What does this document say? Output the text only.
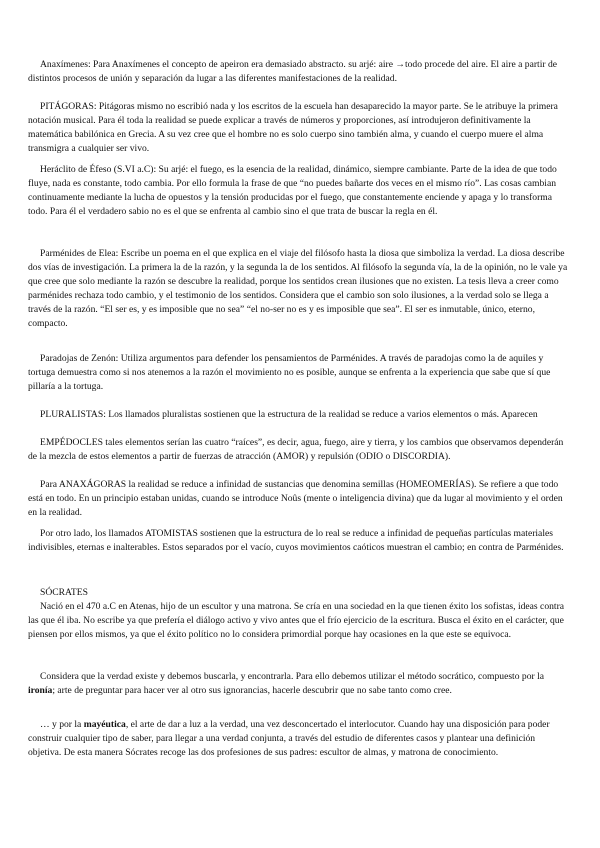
Anaxímenes: Para Anaxímenes el concepto de apeiron era demasiado abstracto. su arjé: aire →todo procede del aire. El aire a partir de distintos procesos de unión y separación da lugar a las diferentes manifestaciones de la realidad.

PITÁGORAS: Pitágoras mismo no escribió nada y los escritos de la escuela han desaparecido la mayor parte. Se le atribuye la primera notación musical. Para él toda la realidad se puede explicar a través de números y proporciones, así introdujeron definitivamente la matemática babilónica en Grecia. A su vez cree que el hombre no es solo cuerpo sino también alma, y cuando el cuerpo muere el alma transmigra a cualquier ser vivo.

Heráclito de Éfeso (S.VI a.C): Su arjé: el fuego, es la esencia de la realidad, dinámico, siempre cambiante. Parte de la idea de que todo fluye, nada es constante, todo cambia. Por ello formula la frase de que “no puedes bañarte dos veces en el mismo río”. Las cosas cambian continuamente mediante la lucha de opuestos y la tensión producidas por el fuego, que constantemente enciende y apaga y lo transforma todo. Para él el verdadero sabio no es el que se enfrenta al cambio sino el que trata de buscar la regla en él.

Parménides de Elea: Escribe un poema en el que explica en el viaje del filósofo hasta la diosa que simboliza la verdad. La diosa describe dos vías de investigación. La primera la de la razón, y la segunda la de los sentidos. Al filósofo la segunda vía, la de la opinión, no le vale ya que cree que solo mediante la razón se descubre la realidad, porque los sentidos crean ilusiones que no existen. La tesis lleva a creer como parménides rechaza todo cambio, y el testimonio de los sentidos. Considera que el cambio son solo ilusiones, a la verdad solo se llega a través de la razón. “El ser es, y es imposible que no sea” “el no-ser no es y es imposible que sea”. El ser es inmutable, único, eterno, compacto.

Paradojas de Zenón: Utiliza argumentos para defender los pensamientos de Parménides. A través de paradojas como la de aquiles y tortuga demuestra como si nos atenemos a la razón el movimiento no es posible, aunque se enfrenta a la experiencia que sabe que sí que pillaría a la tortuga.

PLURALISTAS: Los llamados pluralistas sostienen que la estructura de la realidad se reduce a varios elementos o más. Aparecen

EMPÉDOCLES tales elementos serían las cuatro “raíces”, es decir, agua, fuego, aire y tierra, y los cambios que observamos dependerán de la mezcla de estos elementos a partir de fuerzas de atracción (AMOR) y repulsión (ODIO o DISCORDIA).

Para ANAXÁGORAS la realidad se reduce a infinidad de sustancias que denomina semillas (HOMEOMERÍAS). Se refiere a que todo está en todo. En un principio estaban unidas, cuando se introduce Noûs (mente o inteligencia divina) que da lugar al movimiento y el orden en la realidad.

Por otro lado, los llamados ATOMISTAS sostienen que la estructura de lo real se reduce a infinidad de pequeñas partículas materiales indivisibles, eternas e inalterables. Estos separados por el vacío, cuyos movimientos caóticos muestran el cambio; en contra de Parménides.

SÓCRATES

Nació en el 470 a.C en Atenas, hijo de un escultor y una matrona. Se cría en una sociedad en la que tienen éxito los sofistas, ideas contra las que él iba. No escribe ya que prefería el diálogo activo y vivo antes que el frío ejercicio de la escritura. Busca el éxito en el carácter, que piensen por ellos mismos, ya que el éxito político no lo considera primordial porque hay ocasiones en la que este se equivoca.

Considera que la verdad existe y debemos buscarla, y encontrarla. Para ello debemos utilizar el método socrático, compuesto por la ironía; arte de preguntar para hacer ver al otro sus ignorancias, hacerle descubrir que no sabe tanto como cree.

… y por la mayéutica, el arte de dar a luz a la verdad, una vez desconcertado el interlocutor. Cuando hay una disposición para poder construir cualquier tipo de saber, para llegar a una verdad conjunta, a través del estudio de diferentes casos y plantear una definición objetiva. De esta manera Sócrates recoge las dos profesiones de sus padres: escultor de almas, y matrona de conocimiento.
